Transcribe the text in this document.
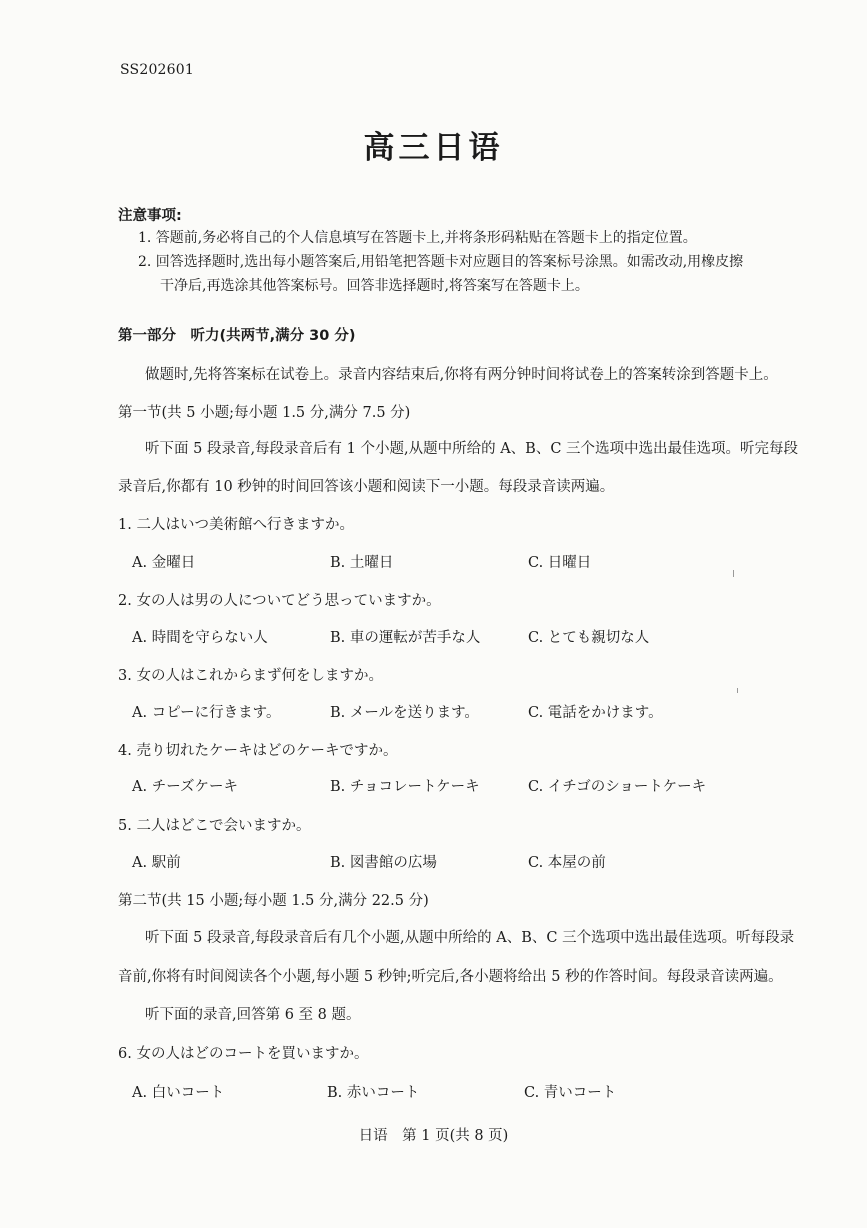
SS202601
高三日语
注意事项:
1. 答题前,务必将自己的个人信息填写在答题卡上,并将条形码粘贴在答题卡上的指定位置。
2. 回答选择题时,选出每小题答案后,用铅笔把答题卡对应题目的答案标号涂黑。如需改动,用橡皮擦
干净后,再选涂其他答案标号。回答非选择题时,将答案写在答题卡上。
第一部分　听力(共两节,满分 30 分)
做题时,先将答案标在试卷上。录音内容结束后,你将有两分钟时间将试卷上的答案转涂到答题卡上。
第一节(共 5 小题;每小题 1.5 分,满分 7.5 分)
听下面 5 段录音,每段录音后有 1 个小题,从题中所给的 A、B、C 三个选项中选出最佳选项。听完每段
录音后,你都有 10 秒钟的时间回答该小题和阅读下一小题。每段录音读两遍。
1. 二人はいつ美術館へ行きますか。
A. 金曜日	B. 土曜日	C. 日曜日
2. 女の人は男の人についてどう思っていますか。
A. 時間を守らない人	B. 車の運転が苦手な人	C. とても親切な人
3. 女の人はこれからまず何をしますか。
A. コピーに行きます。	B. メールを送ります。	C. 電話をかけます。
4. 売り切れたケーキはどのケーキですか。
A. チーズケーキ	B. チョコレートケーキ	C. イチゴのショートケーキ
5. 二人はどこで会いますか。
A. 駅前	B. 図書館の広場	C. 本屋の前
第二节(共 15 小题;每小题 1.5 分,满分 22.5 分)
听下面 5 段录音,每段录音后有几个小题,从题中所给的 A、B、C 三个选项中选出最佳选项。听每段录
音前,你将有时间阅读各个小题,每小题 5 秒钟;听完后,各小题将给出 5 秒的作答时间。每段录音读两遍。
听下面的录音,回答第 6 至 8 题。
6. 女の人はどのコートを買いますか。
A. 白いコート	B. 赤いコート	C. 青いコート
日语　第 1 页(共 8 页)
